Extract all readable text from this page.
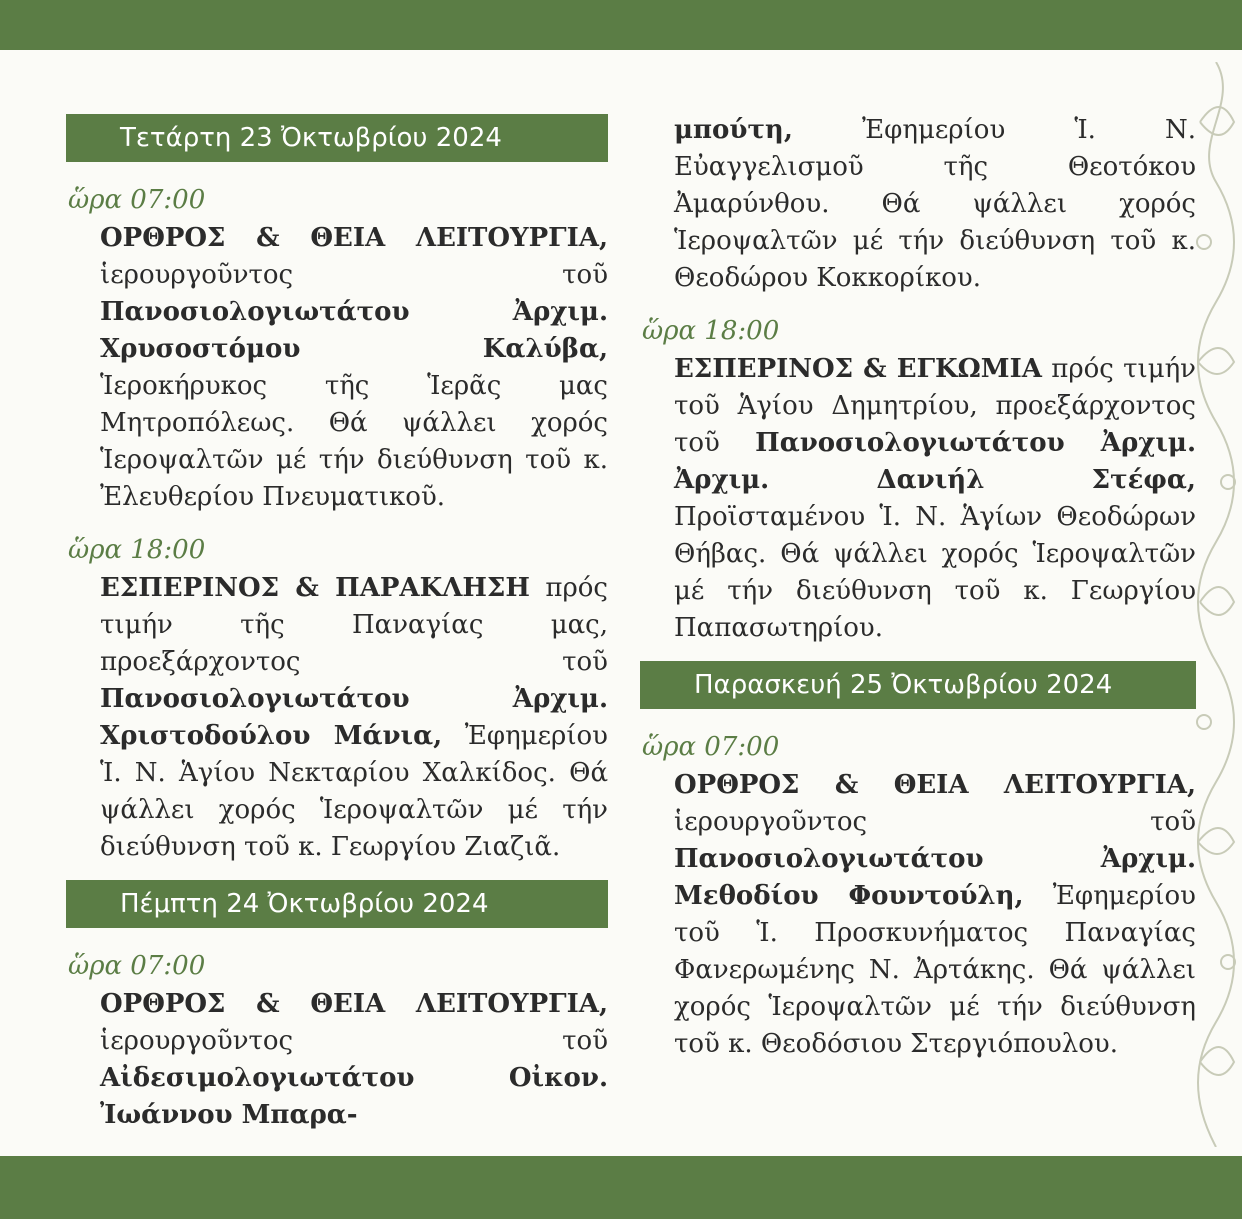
Τετάρτη 23 Ὀκτωβρίου 2024
ὥρα 07:00
ΟΡΘΡΟΣ & ΘΕΙΑ ΛΕΙΤΟΥΡΓΙΑ, ἱερουργοῦντος τοῦ Πανοσιολογιωτάτου Ἀρχιμ. Χρυσοστόμου Καλύβα, Ἱεροκήρυκος τῆς Ἱερᾶς μας Μητροπόλεως. Θά ψάλλει χορός Ἱεροψαλτῶν μέ τήν διεύθυνση τοῦ κ. Ἐλευθερίου Πνευματικοῦ.
ὥρα 18:00
ΕΣΠΕΡΙΝΟΣ & ΠΑΡΑΚΛΗΣΗ πρός τιμήν τῆς Παναγίας μας, προεξάρχοντος τοῦ Πανοσιολογιωτάτου Ἀρχιμ. Χριστοδούλου Μάνια, Ἐφημερίου Ἱ. Ν. Ἁγίου Νεκταρίου Χαλκίδος. Θά ψάλλει χορός Ἱεροψαλτῶν μέ τήν διεύθυνση τοῦ κ. Γεωργίου Ζιαζιᾶ.
Πέμπτη 24 Ὀκτωβρίου 2024
ὥρα 07:00
ΟΡΘΡΟΣ & ΘΕΙΑ ΛΕΙΤΟΥΡΓΙΑ, ἱερουργοῦντος τοῦ Αἰδεσιμολογιωτάτου Οἰκον. Ἰωάννου Μπαρα-
μπούτη, Ἐφημερίου Ἱ. Ν. Εὐαγγελισμοῦ τῆς Θεοτόκου Ἀμαρύνθου. Θά ψάλλει χορός Ἱεροψαλτῶν μέ τήν διεύθυνση τοῦ κ. Θεοδώρου Κοκκορίκου.
ὥρα 18:00
ΕΣΠΕΡΙΝΟΣ & ΕΓΚΩΜΙΑ πρός τιμήν τοῦ Ἁγίου Δημητρίου, προεξάρχοντος τοῦ Πανοσιολογιωτάτου Ἀρχιμ. Ἀρχιμ. Δανιήλ Στέφα, Προϊσταμένου Ἱ. Ν. Ἁγίων Θεοδώρων Θήβας. Θά ψάλλει χορός Ἱεροψαλτῶν μέ τήν διεύθυνση τοῦ κ. Γεωργίου Παπασωτηρίου.
Παρασκευή 25 Ὀκτωβρίου 2024
ὥρα 07:00
ΟΡΘΡΟΣ & ΘΕΙΑ ΛΕΙΤΟΥΡΓΙΑ, ἱερουργοῦντος τοῦ Πανοσιολογιωτάτου Ἀρχιμ. Μεθοδίου Φουντούλη, Ἐφημερίου τοῦ Ἱ. Προσκυνήματος Παναγίας Φανερωμένης Ν. Ἀρτάκης. Θά ψάλλει χορός Ἱεροψαλτῶν μέ τήν διεύθυνση τοῦ κ. Θεοδόσιου Στεργιόπουλου.
